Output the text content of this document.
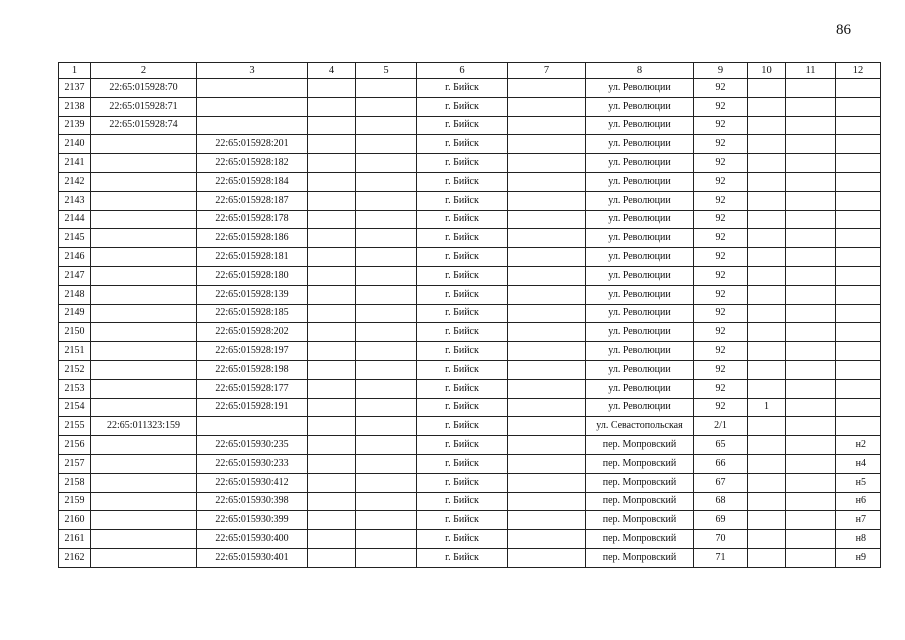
86
1	2	3	4	5	6	7	8	9	10	11	12
2137	22:65:015928:70				г. Бийск		ул. Революции	92			
2138	22:65:015928:71				г. Бийск		ул. Революции	92			
2139	22:65:015928:74				г. Бийск		ул. Революции	92			
2140		22:65:015928:201			г. Бийск		ул. Революции	92			
2141		22:65:015928:182			г. Бийск		ул. Революции	92			
2142		22:65:015928:184			г. Бийск		ул. Революции	92			
2143		22:65:015928:187			г. Бийск		ул. Революции	92			
2144		22:65:015928:178			г. Бийск		ул. Революции	92			
2145		22:65:015928:186			г. Бийск		ул. Революции	92			
2146		22:65:015928:181			г. Бийск		ул. Революции	92			
2147		22:65:015928:180			г. Бийск		ул. Революции	92			
2148		22:65:015928:139			г. Бийск		ул. Революции	92			
2149		22:65:015928:185			г. Бийск		ул. Революции	92			
2150		22:65:015928:202			г. Бийск		ул. Революции	92			
2151		22:65:015928:197			г. Бийск		ул. Революции	92			
2152		22:65:015928:198			г. Бийск		ул. Революции	92			
2153		22:65:015928:177			г. Бийск		ул. Революции	92			
2154		22:65:015928:191			г. Бийск		ул. Революции	92	1		
2155	22:65:011323:159				г. Бийск		ул. Севастопольская	2/1			
2156		22:65:015930:235			г. Бийск		пер. Мопровский	65			н2
2157		22:65:015930:233			г. Бийск		пер. Мопровский	66			н4
2158		22:65:015930:412			г. Бийск		пер. Мопровский	67			н5
2159		22:65:015930:398			г. Бийск		пер. Мопровский	68			н6
2160		22:65:015930:399			г. Бийск		пер. Мопровский	69			н7
2161		22:65:015930:400			г. Бийск		пер. Мопровский	70			н8
2162		22:65:015930:401			г. Бийск		пер. Мопровский	71			н9
